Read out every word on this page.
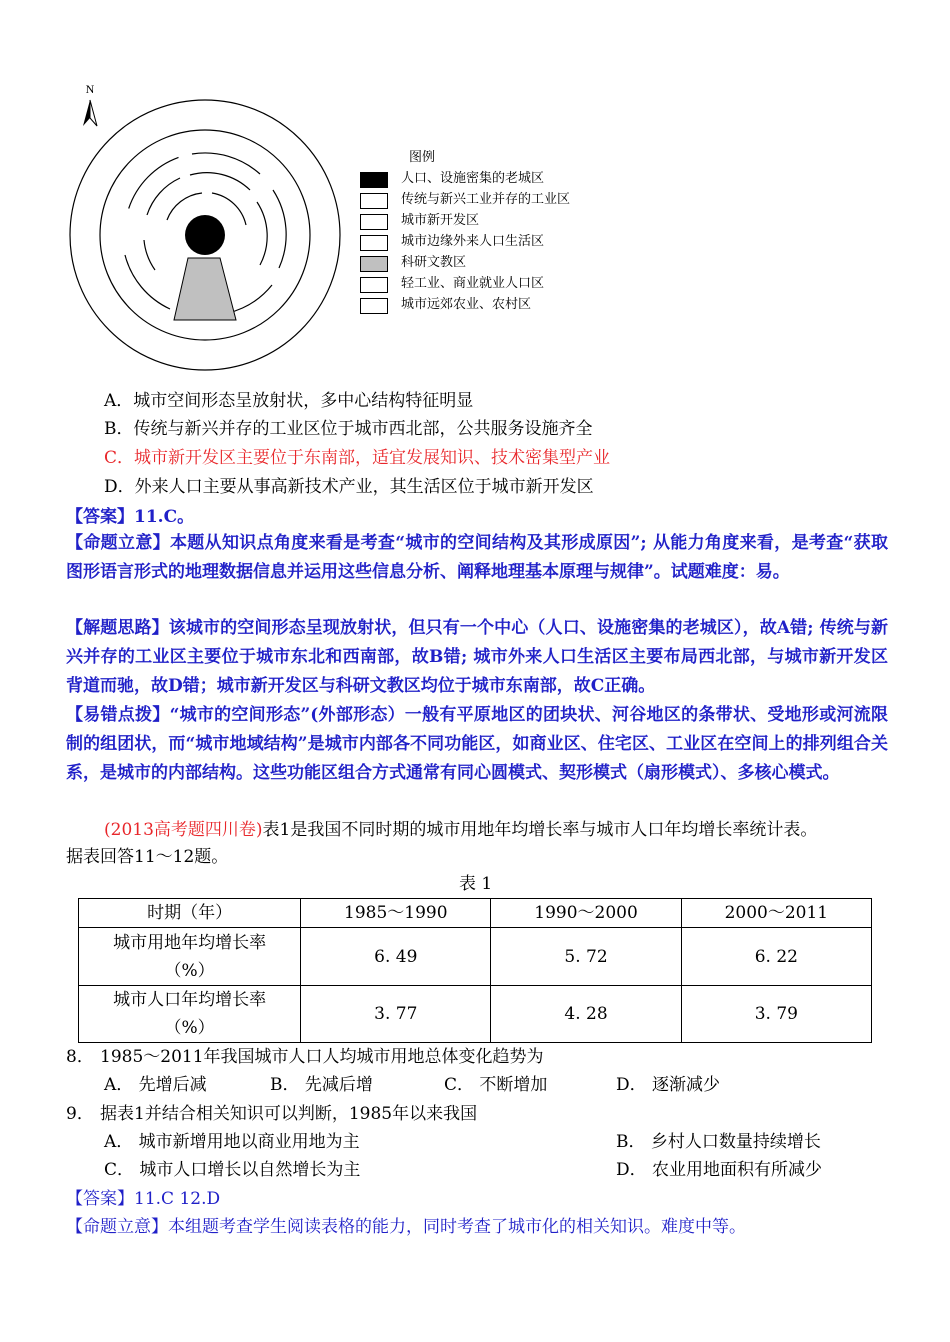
N
图例
人口、设施密集的老城区
传统与新兴工业并存的工业区
城市新开发区
城市边缘外来人口生活区
科研文教区
轻工业、商业就业人口区
城市远郊农业、农村区
A．城市空间形态呈放射状，多中心结构特征明显
B．传统与新兴并存的工业区位于城市西北部，公共服务设施齐全
C．城市新开发区主要位于东南部，适宜发展知识、技术密集型产业
D．外来人口主要从事高新技术产业，其生活区位于城市新开发区
【答案】11.C。
【命题立意】本题从知识点角度来看是考查“城市的空间结构及其形成原因”; 从能力角度来看，是考查“获取图形语言形式的地理数据信息并运用这些信息分析、阐释地理基本原理与规律”。试题难度：易。
【解题思路】该城市的空间形态呈现放射状，但只有一个中心（人口、设施密集的老城区），故A错; 传统与新兴并存的工业区主要位于城市东北和西南部，故B错; 城市外来人口生活区主要布局西北部，与城市新开发区背道而驰，故D错；城市新开发区与科研文教区均位于城市东南部，故C正确。
【易错点拨】“城市的空间形态”(外部形态）一般有平原地区的团块状、河谷地区的条带状、受地形或河流限制的组团状，而“城市地域结构”是城市内部各不同功能区，如商业区、住宅区、工业区在空间上的排列组合关系，是城市的内部结构。这些功能区组合方式通常有同心圆模式、契形模式（扇形模式）、多核心模式。
(2013高考题四川卷)表1是我国不同时期的城市用地年均增长率与城市人口年均增长率统计表。
据表回答11～12题。
表 1
时期（年）	1985～1990	1990～2000	2000～2011
城市用地年均增长率
（%）	6. 49	5. 72	6. 22
城市人口年均增长率
（%）	3. 77	4. 28	3. 79
8． 1985～2011年我国城市人口人均城市用地总体变化趋势为
A． 先增后减	B． 先减后增	C． 不断增加	D． 逐渐减少
9． 据表1并结合相关知识可以判断，1985年以来我国
A． 城市新增用地以商业用地为主	B． 乡村人口数量持续增长
C． 城市人口增长以自然增长为主	D． 农业用地面积有所减少
【答案】11.C 12.D
【命题立意】本组题考查学生阅读表格的能力，同时考查了城市化的相关知识。难度中等。
